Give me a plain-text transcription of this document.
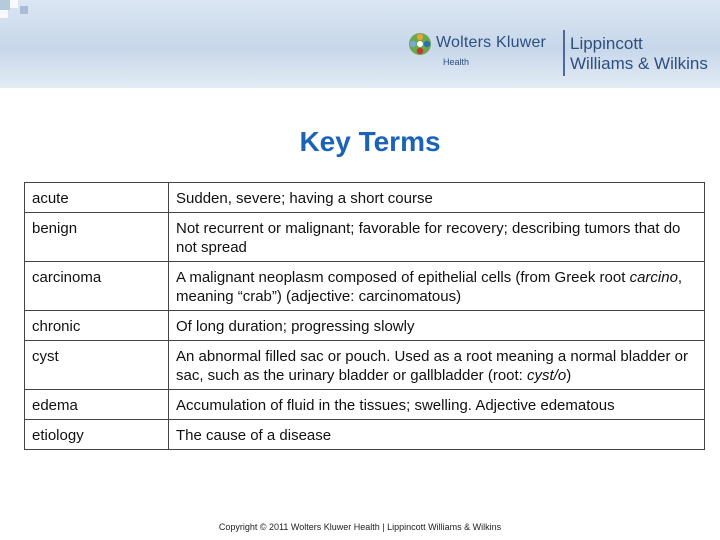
Wolters Kluwer
Health
Lippincott
Williams & Wilkins
Key Terms
acute	Sudden, severe; having a short course
benign	Not recurrent or malignant; favorable for recovery; describing tumors that do not spread
carcinoma	A malignant neoplasm composed of epithelial cells (from Greek root carcino, meaning “crab”) (adjective: carcinomatous)
chronic	Of long duration; progressing slowly
cyst	An abnormal filled sac or pouch. Used as a root meaning a normal bladder or sac, such as the urinary bladder or gallbladder (root: cyst/o)
edema	Accumulation of fluid in the tissues; swelling. Adjective edematous
etiology	The cause of a disease
Copyright © 2011 Wolters Kluwer Health | Lippincott Williams & Wilkins
